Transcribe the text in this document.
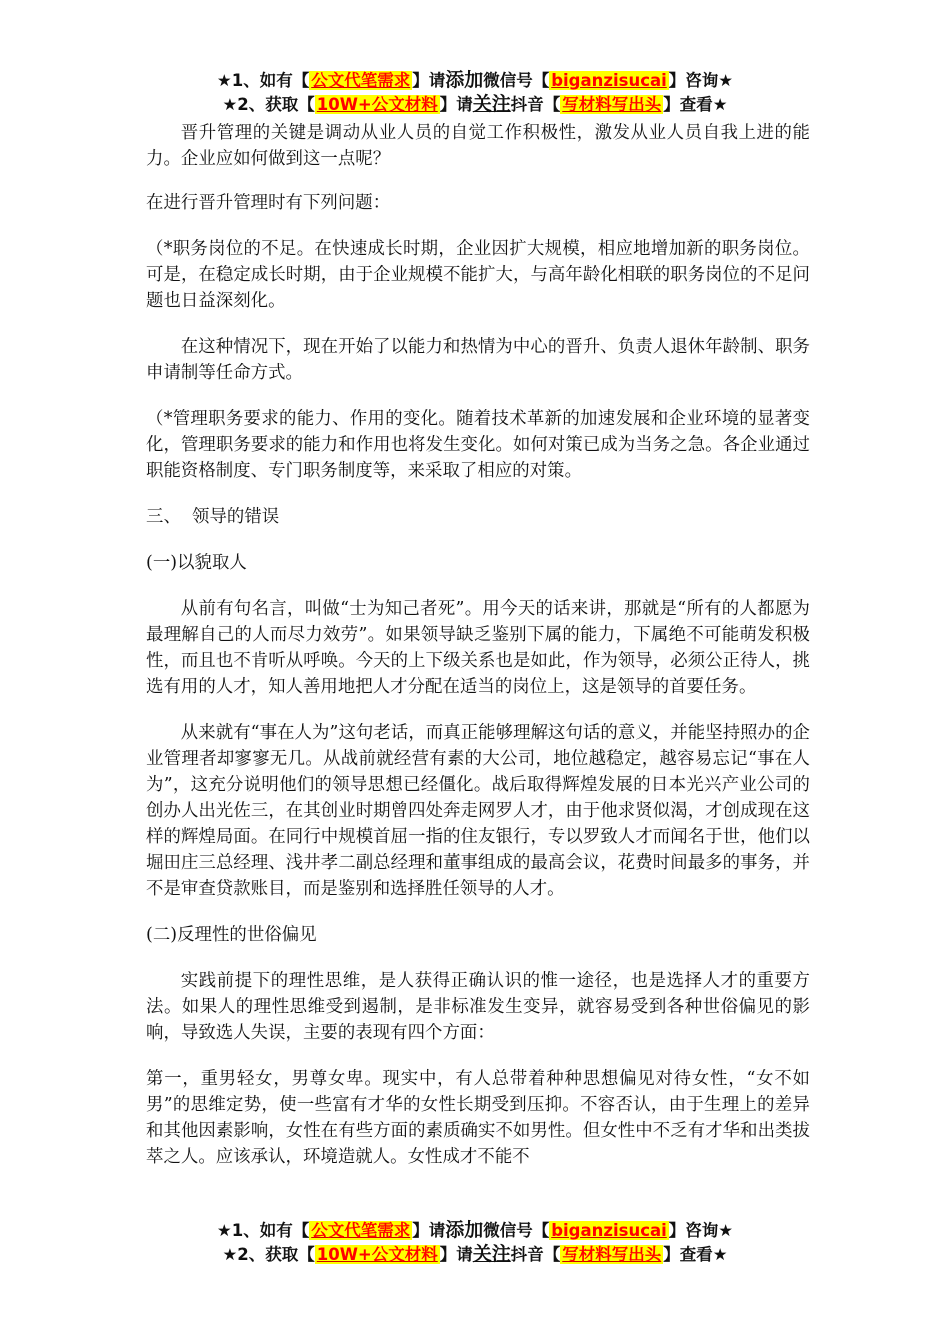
★1、如有【 公文代笔需求 】请添加微信号【 biganzisucai 】咨询★
★2、获取【 10W+公文材料 】请关注抖音【 写材料写出头 】查看★

晋升管理的关键是调动从业人员的自觉工作积极性，激发从业人员自我上进的能力。企业应如何做到这一点呢？

在进行晋升管理时有下列问题：

（*职务岗位的不足。在快速成长时期，企业因扩大规模，相应地增加新的职务岗位。可是，在稳定成长时期，由于企业规模不能扩大，与高年龄化相联的职务岗位的不足问题也日益深刻化。

在这种情况下，现在开始了以能力和热情为中心的晋升、负责人退休年龄制、职务申请制等任命方式。

（*管理职务要求的能力、作用的变化。随着技术革新的加速发展和企业环境的显著变化，管理职务要求的能力和作用也将发生变化。如何对策已成为当务之急。各企业通过职能资格制度、专门职务制度等，来采取了相应的对策。

三、  领导的错误

(一)以貌取人

从前有句名言，叫做“士为知己者死”。用今天的话来讲，那就是“所有的人都愿为最理解自己的人而尽力效劳”。如果领导缺乏鉴别下属的能力，下属绝不可能萌发积极性，而且也不肯听从呼唤。今天的上下级关系也是如此，作为领导，必须公正待人，挑选有用的人才，知人善用地把人才分配在适当的岗位上，这是领导的首要任务。

从来就有“事在人为”这句老话，而真正能够理解这句话的意义，并能坚持照办的企业管理者却寥寥无几。从战前就经营有素的大公司，地位越稳定，越容易忘记“事在人为”，这充分说明他们的领导思想已经僵化。战后取得辉煌发展的日本光兴产业公司的创办人出光佐三，在其创业时期曾四处奔走网罗人才，由于他求贤似渴，才创成现在这样的辉煌局面。在同行中规模首屈一指的住友银行，专以罗致人才而闻名于世，他们以堀田庄三总经理、浅井孝二副总经理和董事组成的最高会议，花费时间最多的事务，并不是审查贷款账目，而是鉴别和选择胜任领导的人才。

(二)反理性的世俗偏见

实践前提下的理性思维，是人获得正确认识的惟一途径，也是选择人才的重要方法。如果人的理性思维受到遏制，是非标准发生变异，就容易受到各种世俗偏见的影响，导致选人失误，主要的表现有四个方面：

第一，重男轻女，男尊女卑。现实中，有人总带着种种思想偏见对待女性，“女不如男”的思维定势，使一些富有才华的女性长期受到压抑。不容否认，由于生理上的差异和其他因素影响，女性在有些方面的素质确实不如男性。但女性中不乏有才华和出类拔萃之人。应该承认，环境造就人。女性成才不能不

★1、如有【 公文代笔需求 】请添加微信号【 biganzisucai 】咨询★
★2、获取【 10W+公文材料 】请关注抖音【 写材料写出头 】查看★
